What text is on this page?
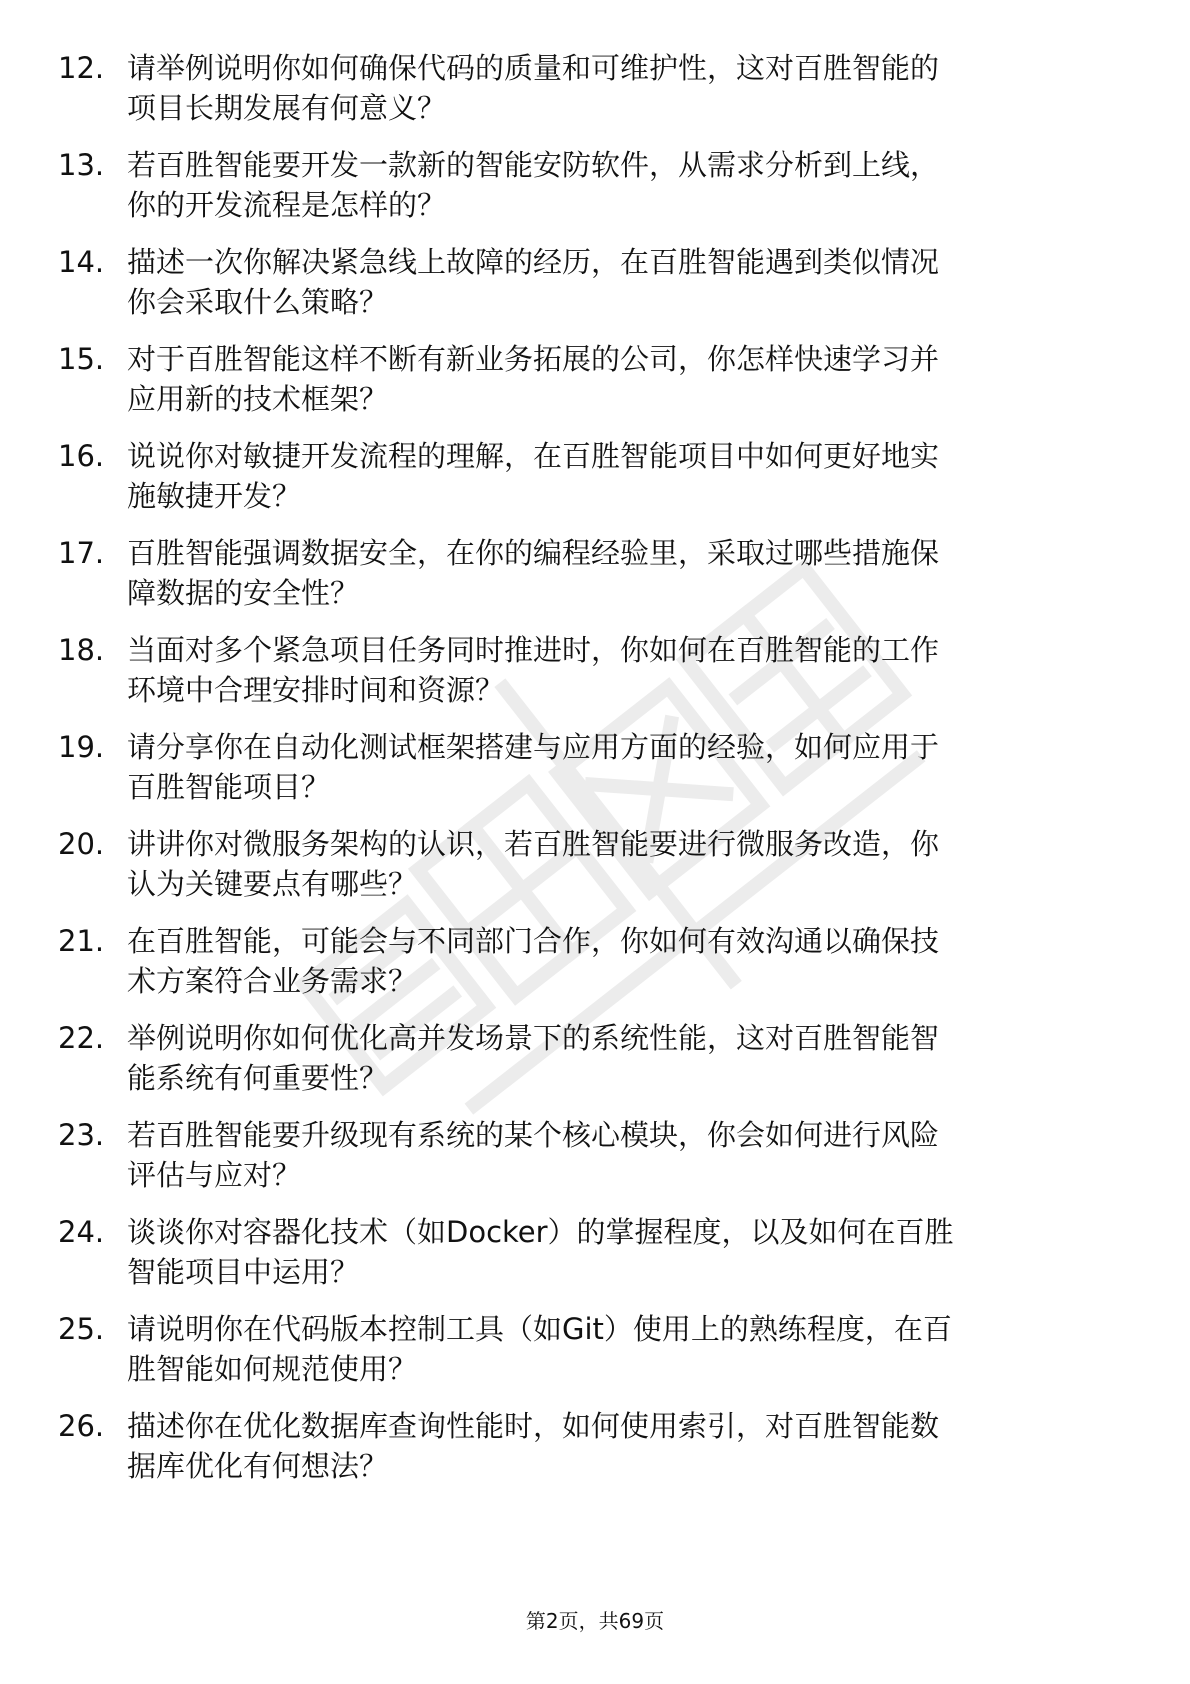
12. 请举例说明你如何确保代码的质量和可维护性，这对百胜智能的
项目长期发展有何意义？
13. 若百胜智能要开发一款新的智能安防软件，从需求分析到上线，
你的开发流程是怎样的？
14. 描述一次你解决紧急线上故障的经历，在百胜智能遇到类似情况
你会采取什么策略？
15. 对于百胜智能这样不断有新业务拓展的公司，你怎样快速学习并
应用新的技术框架？
16. 说说你对敏捷开发流程的理解，在百胜智能项目中如何更好地实
施敏捷开发？
17. 百胜智能强调数据安全，在你的编程经验里，采取过哪些措施保
障数据的安全性？
18. 当面对多个紧急项目任务同时推进时，你如何在百胜智能的工作
环境中合理安排时间和资源？
19. 请分享你在自动化测试框架搭建与应用方面的经验，如何应用于
百胜智能项目？
20. 讲讲你对微服务架构的认识，若百胜智能要进行微服务改造，你
认为关键要点有哪些？
21. 在百胜智能，可能会与不同部门合作，你如何有效沟通以确保技
术方案符合业务需求？
22. 举例说明你如何优化高并发场景下的系统性能，这对百胜智能智
能系统有何重要性？
23. 若百胜智能要升级现有系统的某个核心模块，你会如何进行风险
评估与应对？
24. 谈谈你对容器化技术（如Docker）的掌握程度，以及如何在百胜
智能项目中运用？
25. 请说明你在代码版本控制工具（如Git）使用上的熟练程度，在百
胜智能如何规范使用？
26. 描述你在优化数据库查询性能时，如何使用索引，对百胜智能数
据库优化有何想法？
第2页，共69页
